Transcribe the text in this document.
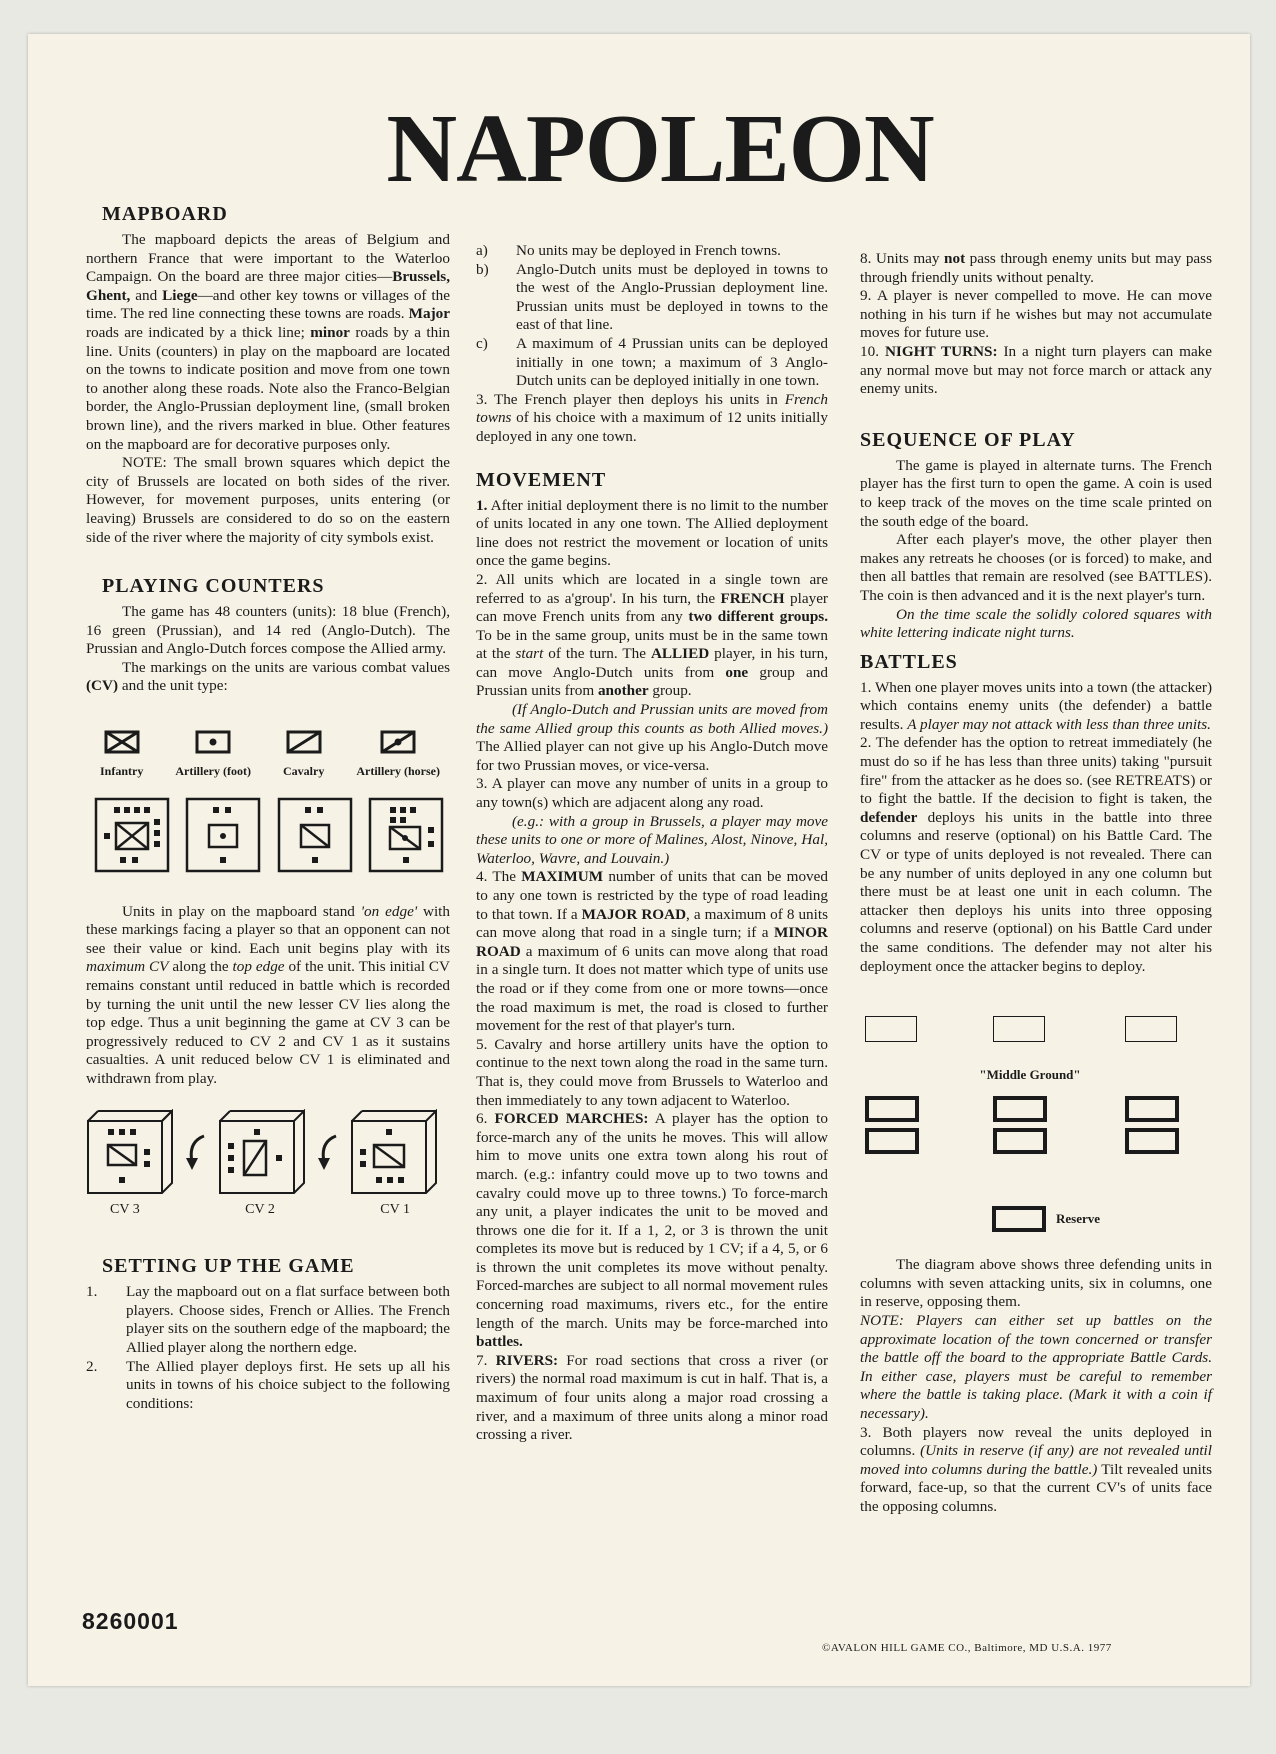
NAPOLEON
MAPBOARD

The mapboard depicts the areas of Belgium and northern France that were important to the Waterloo Campaign. On the board are three major cities—Brussels, Ghent, and Liege—and other key towns or villages of the time. The red line connecting these towns are roads. Major roads are indicated by a thick line; minor roads by a thin line. Units (counters) in play on the mapboard are located on the towns to indicate position and move from one town to another along these roads. Note also the Franco-Belgian border, the Anglo-Prussian deployment line, (small broken brown line), and the rivers marked in blue. Other features on the mapboard are for decorative purposes only.

NOTE: The small brown squares which depict the city of Brussels are located on both sides of the river. However, for movement purposes, units entering (or leaving) Brussels are considered to do so on the eastern side of the river where the majority of city symbols exist.

PLAYING COUNTERS

The game has 48 counters (units): 18 blue (French), 16 green (Prussian), and 14 red (Anglo-Dutch). The Prussian and Anglo-Dutch forces compose the Allied army.

The markings on the units are various combat values (CV) and the unit type:

Infantry	Artillery (foot)	Cavalry	Artillery (horse)

Units in play on the mapboard stand 'on edge' with these markings facing a player so that an opponent can not see their value or kind. Each unit begins play with its maximum CV along the top edge of the unit. This initial CV remains constant until reduced in battle which is recorded by turning the unit until the new lesser CV lies along the top edge. Thus a unit beginning the game at CV 3 can be progressively reduced to CV 2 and CV 1 as it sustains casualties. A unit reduced below CV 1 is eliminated and withdrawn from play.

CV 3	CV 2	CV 1
SETTING UP THE GAME
1.	Lay the mapboard out on a flat surface between both players. Choose sides, French or Allies. The French player sits on the southern edge of the mapboard; the Allied player along the northern edge.
2.	The Allied player deploys first. He sets up all his units in towns of his choice subject to the following conditions:
a)	No units may be deployed in French towns.
b)	Anglo-Dutch units must be deployed in towns to the west of the Anglo-Prussian deployment line. Prussian units must be deployed in towns to the east of that line.
c)	A maximum of 4 Prussian units can be deployed initially in one town; a maximum of 3 Anglo-Dutch units can be deployed initially in one town.

3. The French player then deploys his units in French towns of his choice with a maximum of 12 units initially deployed in any one town.

MOVEMENT

1. After initial deployment there is no limit to the number of units located in any one town. The Allied deployment line does not restrict the movement or location of units once the game begins.

2. All units which are located in a single town are referred to as a'group'. In his turn, the FRENCH player can move French units from any two different groups. To be in the same group, units must be in the same town at the start of the turn. The ALLIED player, in his turn, can move Anglo-Dutch units from one group and Prussian units from another group.

(If Anglo-Dutch and Prussian units are moved from the same Allied group this counts as both Allied moves.) The Allied player can not give up his Anglo-Dutch move for two Prussian moves, or vice-versa.

3. A player can move any number of units in a group to any town(s) which are adjacent along any road.

(e.g.: with a group in Brussels, a player may move these units to one or more of Malines, Alost, Ninove, Hal, Waterloo, Wavre, and Louvain.)

4. The MAXIMUM number of units that can be moved to any one town is restricted by the type of road leading to that town. If a MAJOR ROAD, a maximum of 8 units can move along that road in a single turn; if a MINOR ROAD a maximum of 6 units can move along that road in a single turn. It does not matter which type of units use the road or if they come from one or more towns—once the road maximum is met, the road is closed to further movement for the rest of that player's turn.

5. Cavalry and horse artillery units have the option to continue to the next town along the road in the same turn. That is, they could move from Brussels to Waterloo and then immediately to any town adjacent to Waterloo.

6. FORCED MARCHES: A player has the option to force-march any of the units he moves. This will allow him to move units one extra town along his rout of march. (e.g.: infantry could move up to two towns and cavalry could move up to three towns.) To force-march any unit, a player indicates the unit to be moved and throws one die for it. If a 1, 2, or 3 is thrown the unit completes its move but is reduced by 1 CV; if a 4, 5, or 6 is thrown the unit completes its move without penalty. Forced-marches are subject to all normal movement rules concerning road maximums, rivers etc., for the entire length of the march. Units may be force-marched into battles.

7. RIVERS: For road sections that cross a river (or rivers) the normal road maximum is cut in half. That is, a maximum of four units along a major road crossing a river, and a maximum of three units along a minor road crossing a river.

8. Units may not pass through enemy units but may pass through friendly units without penalty.

9. A player is never compelled to move. He can move nothing in his turn if he wishes but may not accumulate moves for future use.

10. NIGHT TURNS: In a night turn players can make any normal move but may not force march or attack any enemy units.

SEQUENCE OF PLAY

The game is played in alternate turns. The French player has the first turn to open the game. A coin is used to keep track of the moves on the time scale printed on the south edge of the board.

After each player's move, the other player then makes any retreats he chooses (or is forced) to make, and then all battles that remain are resolved (see BATTLES). The coin is then advanced and it is the next player's turn.

On the time scale the solidly colored squares with white lettering indicate night turns.

BATTLES

1. When one player moves units into a town (the attacker) which contains enemy units (the defender) a battle results. A player may not attack with less than three units.

2. The defender has the option to retreat immediately (he must do so if he has less than three units) taking "pursuit fire" from the attacker as he does so. (see RETREATS) or to fight the battle. If the decision to fight is taken, the defender deploys his units in the battle into three columns and reserve (optional) on his Battle Card. The CV or type of units deployed is not revealed. There can be any number of units deployed in any one column but there must be at least one unit in each column. The attacker then deploys his units into three opposing columns and reserve (optional) on his Battle Card under the same conditions. The defender may not alter his deployment once the attacker begins to deploy.

"Middle Ground"
Reserve

The diagram above shows three defending units in columns with seven attacking units, six in columns, one in reserve, opposing them.

NOTE: Players can either set up battles on the approximate location of the town concerned or transfer the battle off the board to the appropriate Battle Cards. In either case, players must be careful to remember where the battle is taking place. (Mark it with a coin if necessary).

3. Both players now reveal the units deployed in columns. (Units in reserve (if any) are not revealed until moved into columns during the battle.) Tilt revealed units forward, face-up, so that the current CV's of units face the opposing columns.

8260001
©AVALON HILL GAME CO., Baltimore, MD U.S.A. 1977
